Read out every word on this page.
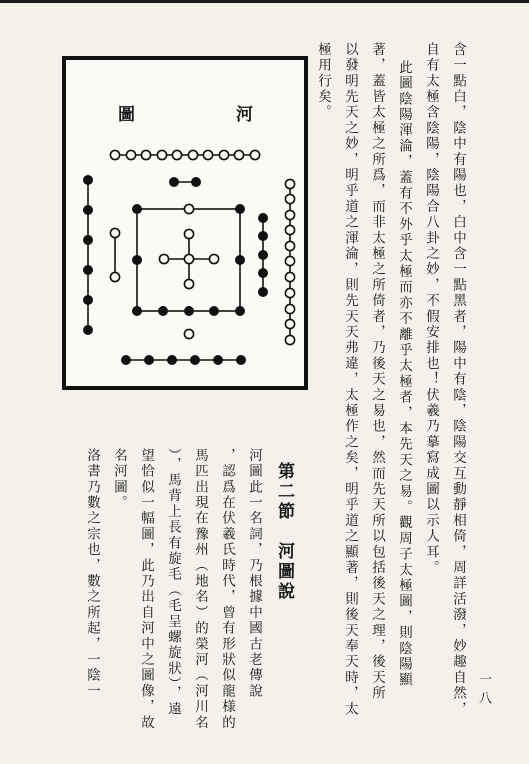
含一點白，陰中有陽也，白中含一點黑者，陽中有陰，陰陽交互動靜相倚，周詳活潑，妙趣自然，
自有太極含陰陽，陰陽合八卦之妙，不假安排也！伏羲乃摹寫成圖以示人耳。
此圖陰陽渾淪，蓋有不外乎太極而亦不離乎太極者，本先天之易。觀周子太極圖，則陰陽顯
著，蓋皆太極之所爲，而非太極之所倚者，乃後天之易也，然而先天所以包括後天之理，後天所
以發明先天之妙，明乎道之渾淪，則先天天弗違，太極作之矣，明乎道之顯著，則後天奉天時，太
極用行矣。
河
圖
一八
第二節　河圖說
河圖此一名詞，乃根據中國古老傳說
，認爲在伏羲氏時代，曾有形狀似龍様的
馬匹出現在豫州（地名）的榮河（河川名
），馬背上長有旋毛（毛呈螺旋狀），遠
望恰似一幅圖，此乃出自河中之圖像，故
名河圖。
洛書乃數之宗也，數之所起，一陰一
